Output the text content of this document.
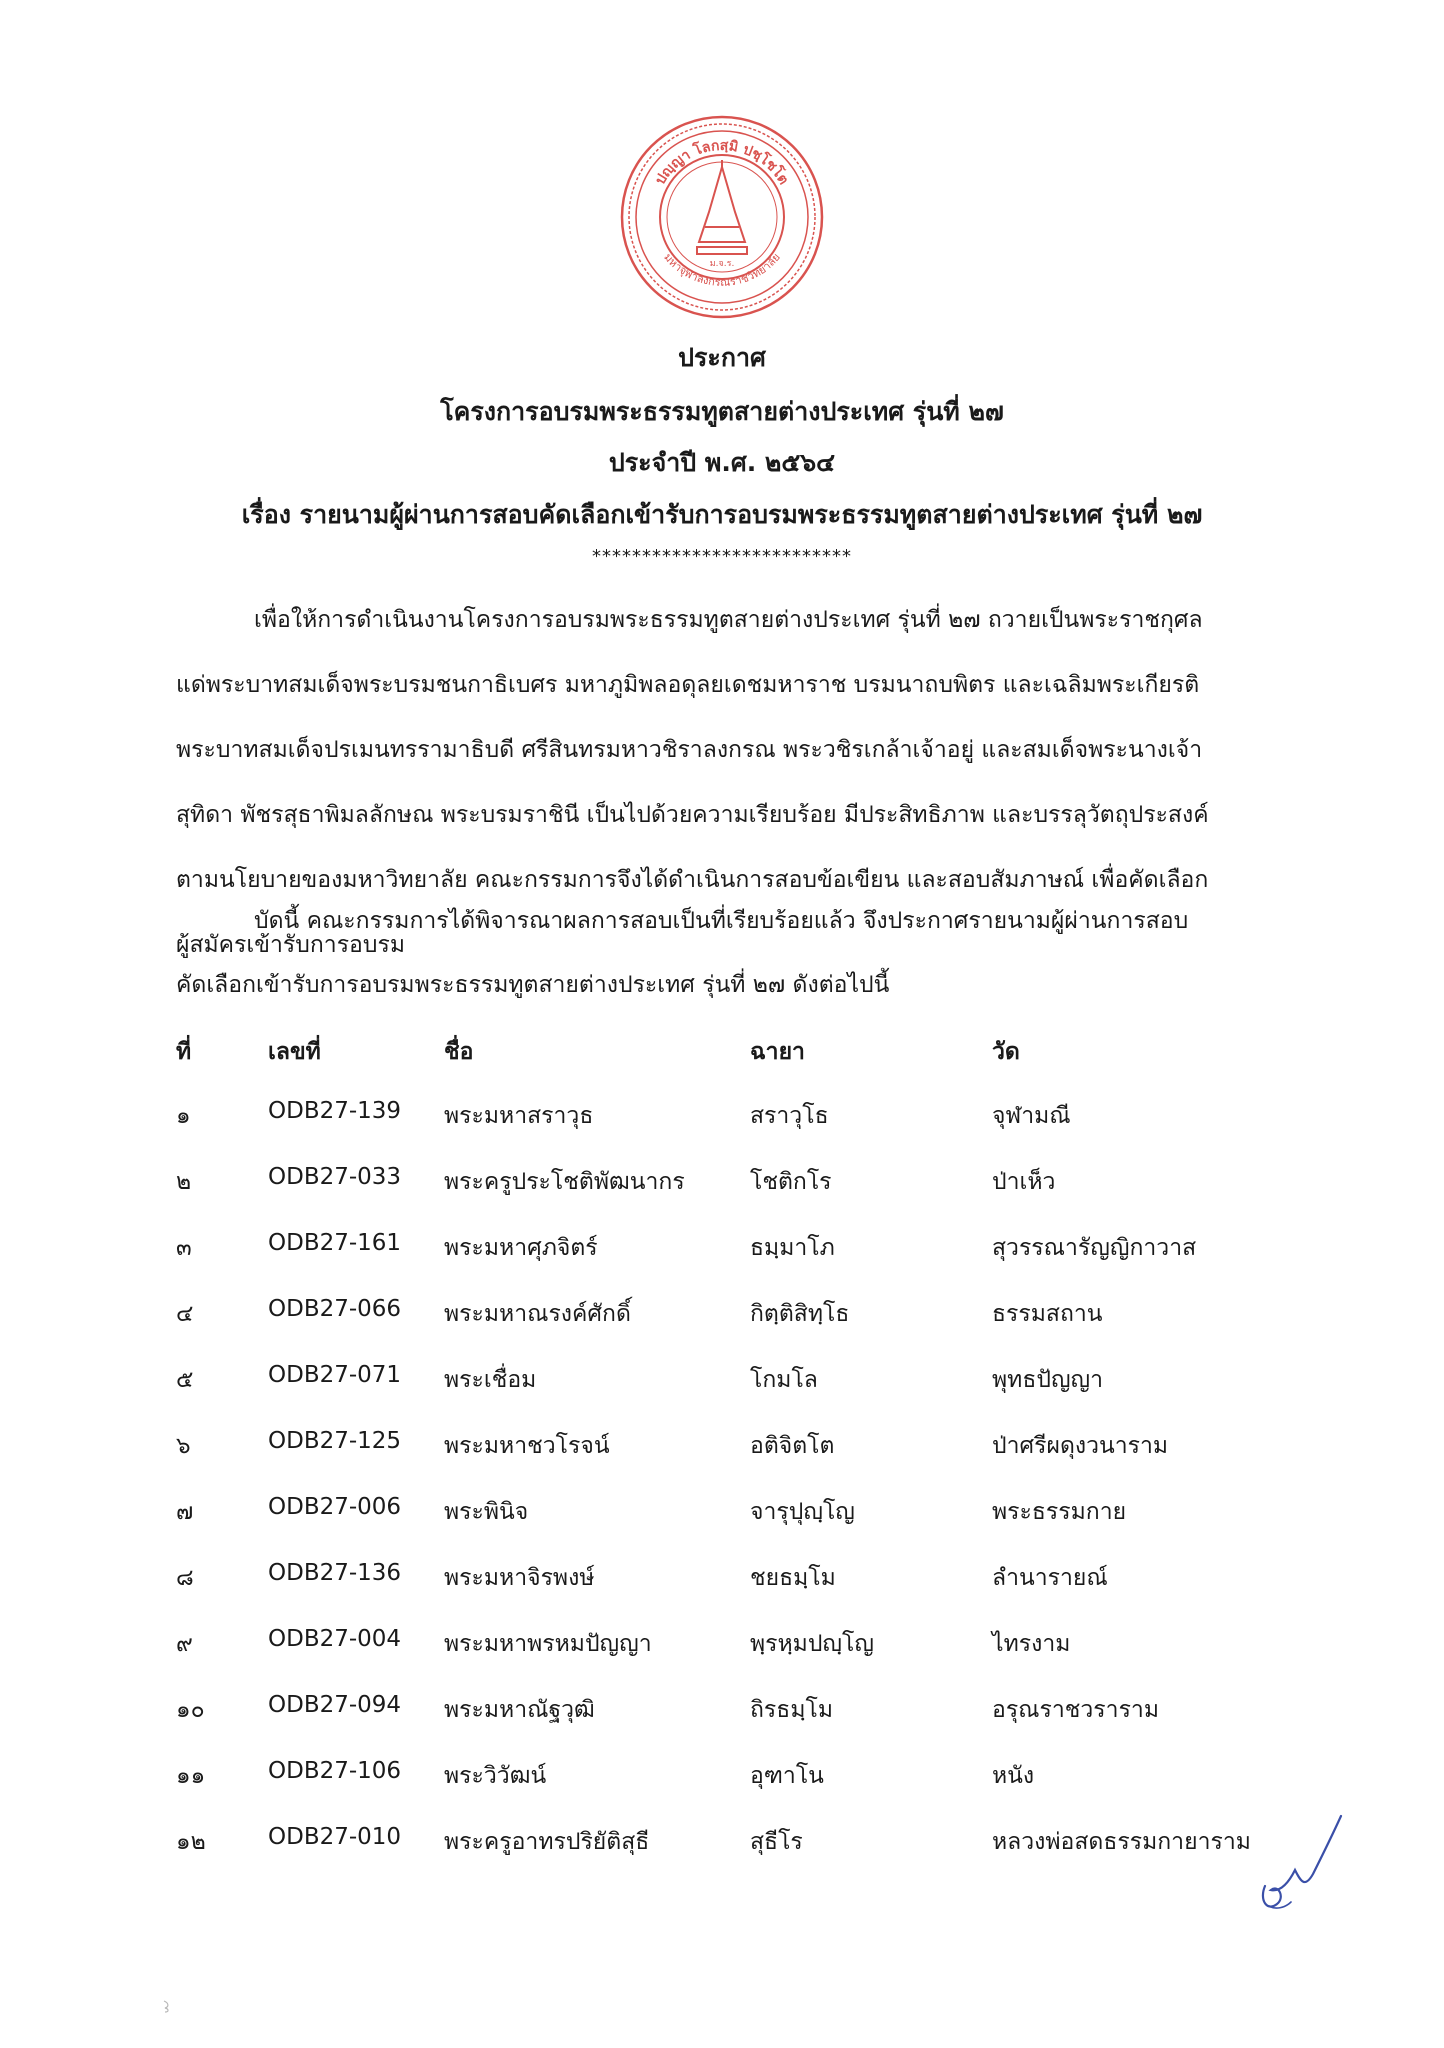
ปญฺญา โลกสฺมิ ปชฺโชโต
มหาจุฬาลงกรณราชวิทยาลัย
ม.จ.ร.
ประกาศ
โครงการอบรมพระธรรมทูตสายต่างประเทศ รุ่นที่ ๒๗
ประจำปี พ.ศ. ๒๕๖๔
เรื่อง รายนามผู้ผ่านการสอบคัดเลือกเข้ารับการอบรมพระธรรมทูตสายต่างประเทศ รุ่นที่ ๒๗
**************************
เพื่อให้การดำเนินงานโครงการอบรมพระธรรมทูตสายต่างประเทศ รุ่นที่ ๒๗ ถวายเป็นพระราชกุศล
แด่พระบาทสมเด็จพระบรมชนกาธิเบศร มหาภูมิพลอดุลยเดชมหาราช บรมนาถบพิตร และเฉลิมพระเกียรติ
พระบาทสมเด็จปรเมนทรรามาธิบดี ศรีสินทรมหาวชิราลงกรณ พระวชิรเกล้าเจ้าอยู่ และสมเด็จพระนางเจ้า
สุทิดา พัชรสุธาพิมลลักษณ พระบรมราชินี เป็นไปด้วยความเรียบร้อย มีประสิทธิภาพ และบรรลุวัตถุประสงค์
ตามนโยบายของมหาวิทยาลัย คณะกรรมการจึงได้ดำเนินการสอบข้อเขียน และสอบสัมภาษณ์ เพื่อคัดเลือก
ผู้สมัครเข้ารับการอบรม
บัดนี้ คณะกรรมการได้พิจารณาผลการสอบเป็นที่เรียบร้อยแล้ว จึงประกาศรายนามผู้ผ่านการสอบ
คัดเลือกเข้ารับการอบรมพระธรรมทูตสายต่างประเทศ รุ่นที่ ๒๗ ดังต่อไปนี้
ที่	เลขที่	ชื่อ	ฉายา	วัด
๑	ODB27-139 พระมหาสราวุธ	สราวุโธ	จุฬามณี
๒	ODB27-033 พระครูประโชติพัฒนากร	โชติกโร	ป่าเห็ว
๓	ODB27-161 พระมหาศุภจิตร์	ธมฺมาโภ	สุวรรณารัญญิกาวาส
๔	ODB27-066 พระมหาณรงค์ศักดิ์	กิตฺติสิทฺโธ	ธรรมสถาน
๕	ODB27-071 พระเชื่อม	โกมโล	พุทธปัญญา
๖	ODB27-125 พระมหาชวโรจน์	อติจิตโต	ป่าศรีผดุงวนาราม
๗	ODB27-006 พระพินิจ	จารุปุญฺโญ	พระธรรมกาย
๘	ODB27-136 พระมหาจิรพงษ์	ชยธมฺโม	ลำนารายณ์
๙	ODB27-004 พระมหาพรหมปัญญา	พฺรหฺมปญฺโญ	ไทรงาม
๑๐	ODB27-094 พระมหาณัฐวุฒิ	ถิรธมฺโม	อรุณราชวราราม
๑๑	ODB27-106 พระวิวัฒน์	อุฑาโน	หนัง
๑๒	ODB27-010 พระครูอาทรปริยัติสุธี	สุธีโร	หลวงพ่อสดธรรมกายาราม
